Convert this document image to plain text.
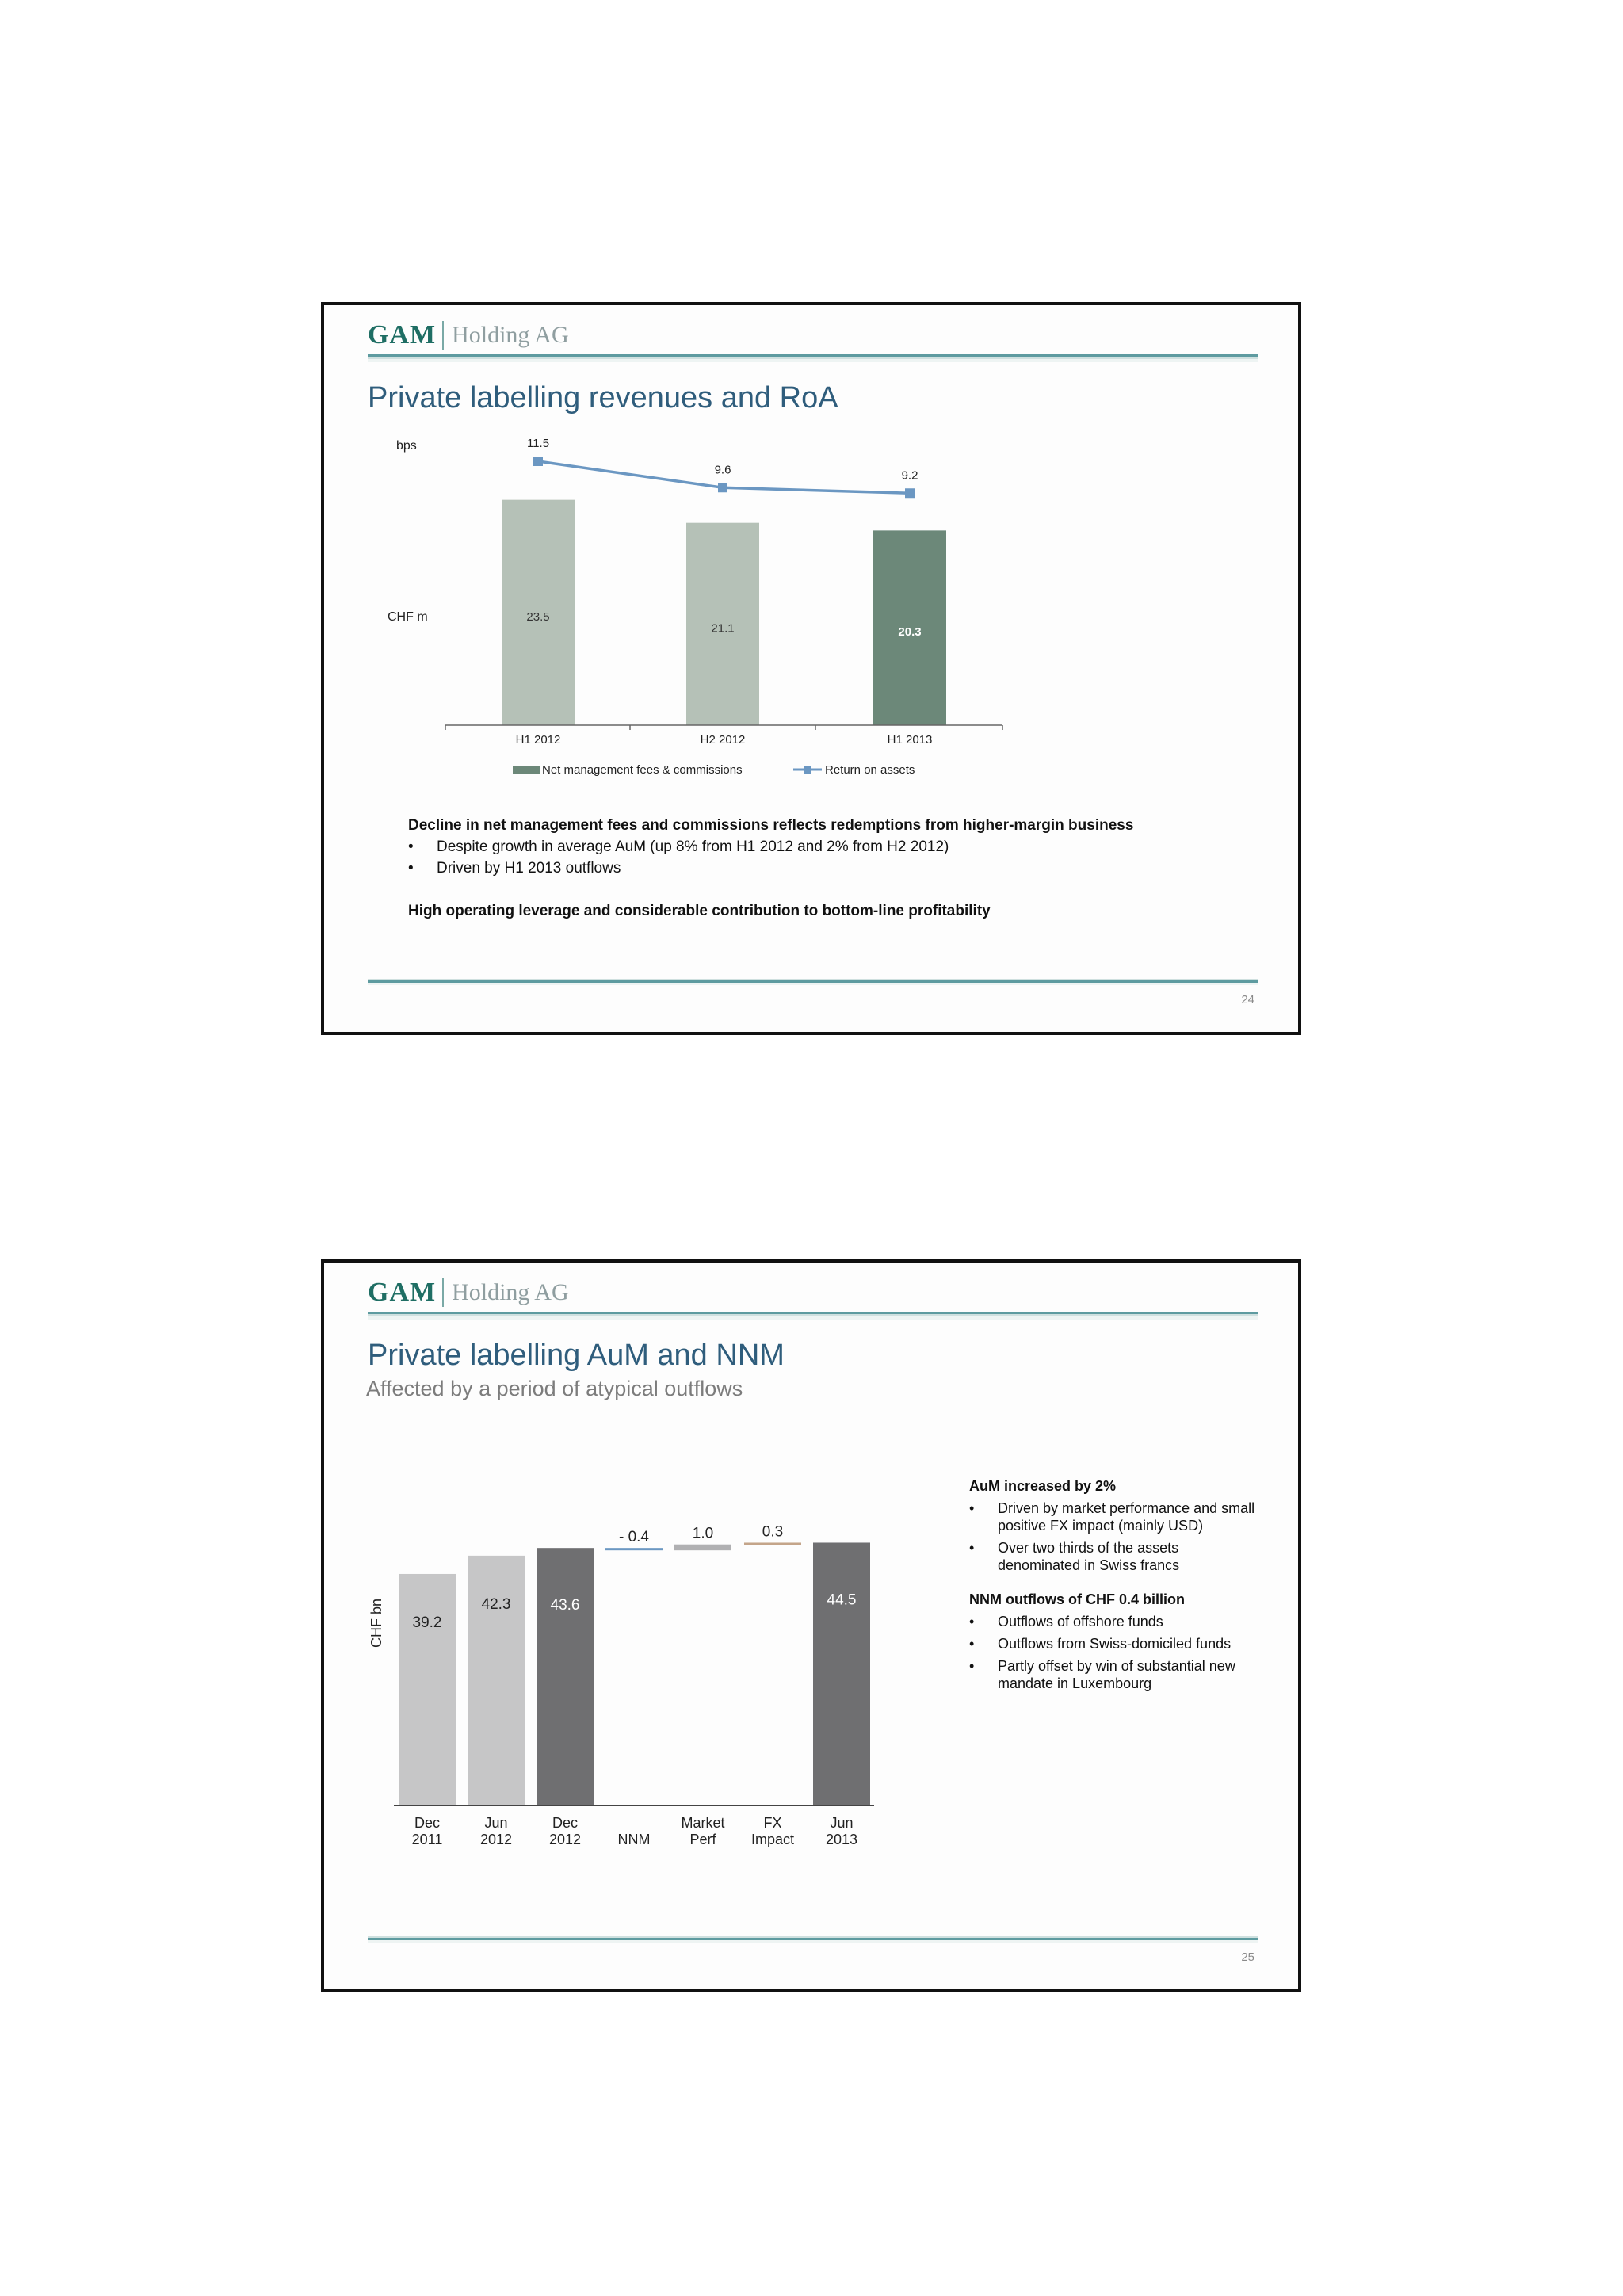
GAM Holding AG
Private labelling revenues and RoA
bps
CHF m	23.5
21.1	20.3
11.5
9.6	9.2
H1 2012	H2 2012	H1 2013
Net management fees & commissions	Return on assets
Decline in net management fees and commissions reflects redemptions from higher-margin business
• Despite growth in average AuM (up 8% from H1 2012 and 2% from H2 2012)
• Driven by H1 2013 outflows
High operating leverage and considerable contribution to bottom-line profitability
24
GAM Holding AG
Private labelling AuM and NNM
Affected by a period of atypical outflows
CHF bn 39.2
42.3	43.6
- 0.4	1.0	0.3
44.5
Dec
2011
Jun
2012
Dec
2012	NNM
Market
Perf
FX
Impact
Jun
2013
AuM increased by 2%
• Driven by market performance and small
positive FX impact (mainly USD)
• Over two thirds of the assets
denominated in Swiss francs
NNM outflows of CHF 0.4 billion
• Outflows of offshore funds
• Outflows from Swiss-domiciled funds
• Partly offset by win of substantial new
mandate in Luxembourg
25
